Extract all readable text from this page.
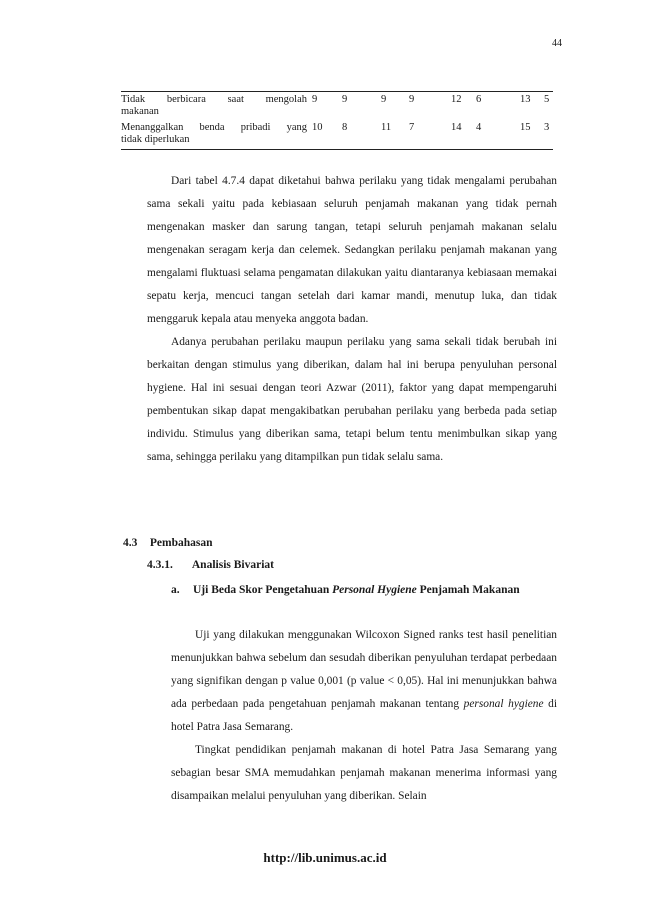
44
Tidak berbicara saat mengolah
makanan
9 9	9 9	12 6	13 5
Menanggalkan benda pribadi yang
tidak diperlukan
10 8	11 7	14 4	15 3

Dari tabel 4.7.4 dapat diketahui bahwa perilaku yang tidak mengalami perubahan sama sekali yaitu pada kebiasaan seluruh penjamah makanan yang tidak pernah mengenakan masker dan sarung tangan, tetapi seluruh penjamah makanan selalu mengenakan seragam kerja dan celemek. Sedangkan perilaku penjamah makanan yang mengalami fluktuasi selama pengamatan dilakukan yaitu diantaranya kebiasaan memakai sepatu kerja, mencuci tangan setelah dari kamar mandi, menutup luka, dan tidak menggaruk kepala atau menyeka anggota badan.

Adanya perubahan perilaku maupun perilaku yang sama sekali tidak berubah ini berkaitan dengan stimulus yang diberikan, dalam hal ini berupa penyuluhan personal hygiene. Hal ini sesuai dengan teori Azwar (2011), faktor yang dapat mempengaruhi pembentukan sikap dapat mengakibatkan perubahan perilaku yang berbeda pada setiap individu. Stimulus yang diberikan sama, tetapi belum tentu menimbulkan sikap yang sama, sehingga perilaku yang ditampilkan pun tidak selalu sama.

4.3 Pembahasan
4.3.1. Analisis Bivariat
a. Uji Beda Skor Pengetahuan Personal Hygiene Penjamah Makanan

Uji yang dilakukan menggunakan Wilcoxon Signed ranks test hasil penelitian menunjukkan bahwa sebelum dan sesudah diberikan penyuluhan terdapat perbedaan yang signifikan dengan p value 0,001 (p value < 0,05). Hal ini menunjukkan bahwa ada perbedaan pada pengetahuan penjamah makanan tentang personal hygiene di hotel Patra Jasa Semarang.

Tingkat pendidikan penjamah makanan di hotel Patra Jasa Semarang yang sebagian besar SMA memudahkan penjamah makanan menerima informasi yang disampaikan melalui penyuluhan yang diberikan. Selain

http://lib.unimus.ac.id
